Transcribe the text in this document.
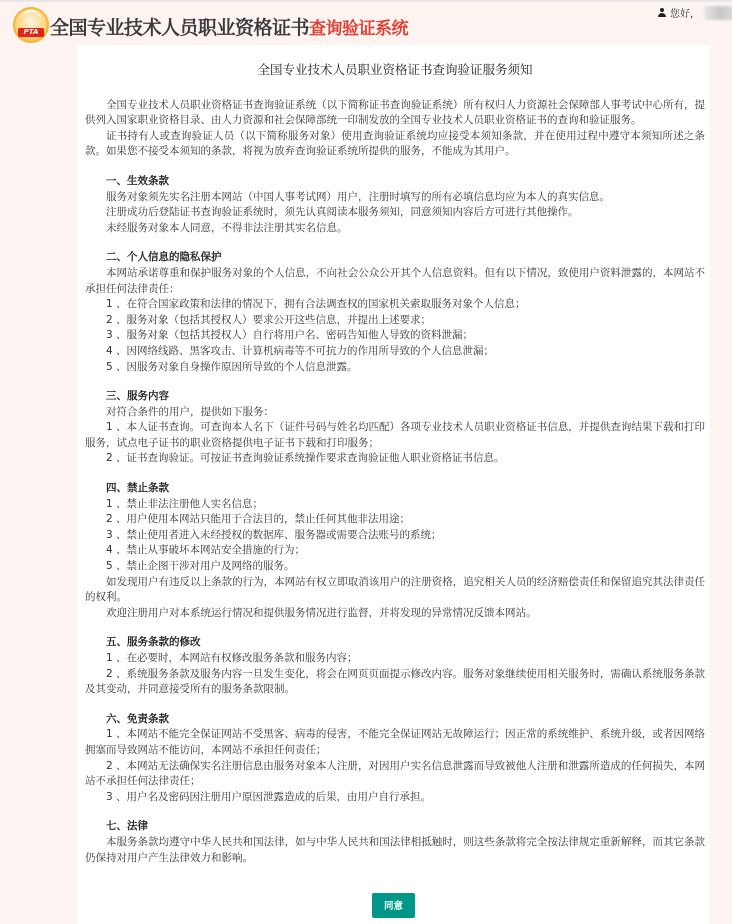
PTA 全国专业技术人员职业资格证书查询验证系统
您好，
全国专业技术人员职业资格证书查询验证服务须知

全国专业技术人员职业资格证书查询验证系统（以下简称证书查询验证系统）所有权归人力资源社会保障部人事考试中心所有，提供列入国家职业资格目录、由人力资源和社会保障部统一印制发放的全国专业技术人员职业资格证书的查询和验证服务。

证书持有人或查询验证人员（以下简称服务对象）使用查询验证系统均应接受本须知条款，并在使用过程中遵守本须知所述之条款。如果您不接受本须知的条款，将视为放弃查询验证系统所提供的服务，不能成为其用户。

一、生效条款

服务对象须先实名注册本网站（中国人事考试网）用户，注册时填写的所有必填信息均应为本人的真实信息。

注册成功后登陆证书查询验证系统时，须先认真阅读本服务须知，同意须知内容后方可进行其他操作。

未经服务对象本人同意，不得非法注册其实名信息。

二、个人信息的隐私保护

本网站承诺尊重和保护服务对象的个人信息，不向社会公众公开其个人信息资料。但有以下情况，致使用户资料泄露的，本网站不承担任何法律责任：

1 、在符合国家政策和法律的情况下，拥有合法调查权的国家机关索取服务对象个人信息；

2 、服务对象（包括其授权人）要求公开这些信息，并提出上述要求；

3 、服务对象（包括其授权人）自行将用户名、密码告知他人导致的资料泄漏；

4 、因网络线路、黑客攻击、计算机病毒等不可抗力的作用所导致的个人信息泄漏；

5 、因服务对象自身操作原因所导致的个人信息泄露。

三、服务内容

对符合条件的用户，提供如下服务：

1 、本人证书查询。可查询本人名下（证件号码与姓名均匹配）各项专业技术人员职业资格证书信息，并提供查询结果下载和打印服务，试点电子证书的职业资格提供电子证书下载和打印服务；

2 、证书查询验证。可按证书查询验证系统操作要求查询验证他人职业资格证书信息。

四、禁止条款

1 、禁止非法注册他人实名信息；

2 、用户使用本网站只能用于合法目的，禁止任何其他非法用途；

3 、禁止使用者进入未经授权的数据库、服务器或需要合法账号的系统；

4 、禁止从事破坏本网站安全措施的行为；

5 、禁止企图干涉对用户及网络的服务。

如发现用户有违反以上条款的行为，本网站有权立即取消该用户的注册资格，追究相关人员的经济赔偿责任和保留追究其法律责任的权利。

欢迎注册用户对本系统运行情况和提供服务情况进行监督，并将发现的异常情况反馈本网站。

五、服务条款的修改

1 、在必要时，本网站有权修改服务条款和服务内容；

2 、系统服务条款及服务内容一旦发生变化，将会在网页页面提示修改内容。服务对象继续使用相关服务时，需确认系统服务条款及其变动，并同意接受所有的服务条款限制。

六、免责条款

1 、本网站不能完全保证网站不受黑客、病毒的侵害，不能完全保证网站无故障运行；因正常的系统维护、系统升级，或者因网络拥塞而导致网站不能访问，本网站不承担任何责任；

2 、本网站无法确保实名注册信息由服务对象本人注册，对因用户实名信息泄露而导致被他人注册和泄露所造成的任何损失，本网站不承担任何法律责任；

3 、用户名及密码因注册用户原因泄露造成的后果，由用户自行承担。

七、法律

本服务条款均遵守中华人民共和国法律，如与中华人民共和国法律相抵触时，则这些条款将完全按法律规定重新解释，而其它条款仍保持对用户产生法律效力和影响。

同意
